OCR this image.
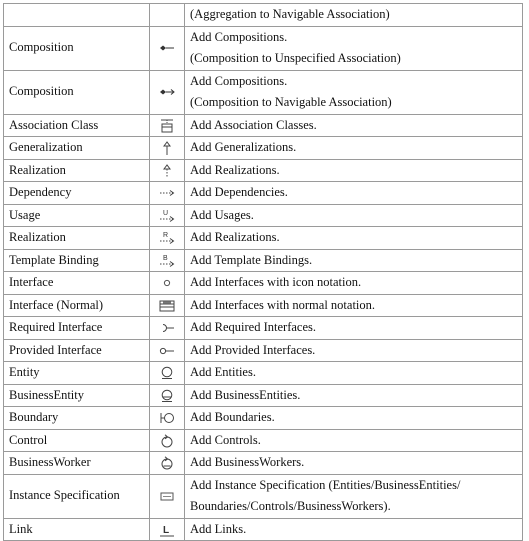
		(Aggregation to Navigable Association)

Composition		Add Compositions.
(Composition to Unspecified Association)

Composition		Add Compositions.
(Composition to Navigable Association)

Association Class		Add Association Classes.

Generalization		Add Generalizations.

Realization		Add Realizations.

Dependency		Add Dependencies.

Usage	U	Add Usages.

Realization	R	Add Realizations.

Template Binding	B	Add Template Bindings.

Interface		Add Interfaces with icon notation.

Interface (Normal)		Add Interfaces with normal notation.

Required Interface		Add Required Interfaces.

Provided Interface		Add Provided Interfaces.

Entity		Add Entities.

BusinessEntity		Add BusinessEntities.

Boundary		Add Boundaries.

Control		Add Controls.

BusinessWorker		Add BusinessWorkers.

Instance Specification		Add Instance Specification (Entities/BusinessEntities/
Boundaries/Controls/BusinessWorkers).

Link	L	Add Links.
